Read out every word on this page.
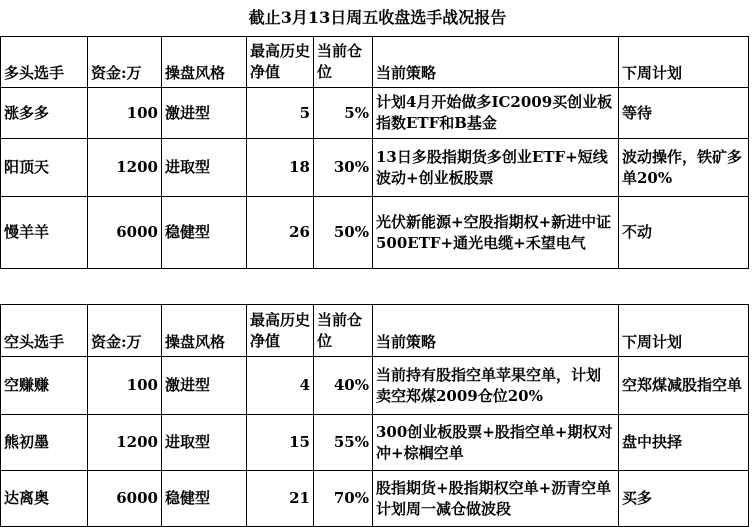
截止3月13日周五收盘选手战况报告
多头选手	资金:万	操盘风格	最高历史净值	当前仓位	当前策略	下周计划
涨多多	100	激进型	5	5%	计划4月开始做多IC2009买创业板指数ETF和B基金	等待
阳顶天	1200	进取型	18	30%	13日多股指期货多创业ETF+短线波动+创业板股票	波动操作，铁矿多单20%
慢羊羊	6000	稳健型	26	50%	光伏新能源+空股指期权+新进中证500ETF+通光电缆+禾望电气	不动
空头选手	资金:万	操盘风格	最高历史净值	当前仓位	当前策略	下周计划
空赚赚	100	激进型	4	40%	当前持有股指空单苹果空单，计划卖空郑煤2009仓位20%	空郑煤减股指空单
熊初墨	1200	进取型	15	55%	300创业板股票+股指空单+期权对冲+棕榈空单	盘中抉择
达离奥	6000	稳健型	21	70%	股指期货+股指期权空单+沥青空单计划周一减仓做波段	买多
